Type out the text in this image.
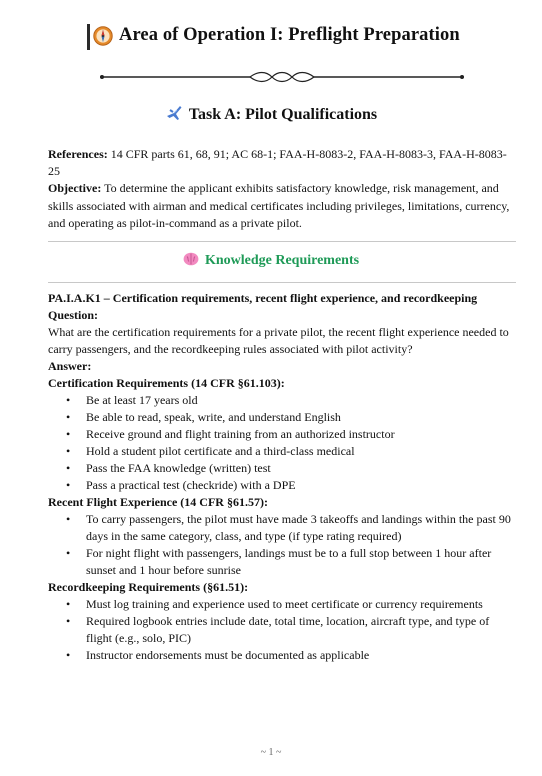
Area of Operation I: Preflight Preparation
Task A: Pilot Qualifications
References: 14 CFR parts 61, 68, 91; AC 68-1; FAA-H-8083-2, FAA-H-8083-3, FAA-H-8083-25
Objective: To determine the applicant exhibits satisfactory knowledge, risk management, and skills associated with airman and medical certificates including privileges, limitations, currency, and operating as pilot-in-command as a private pilot.
Knowledge Requirements

PA.I.A.K1 – Certification requirements, recent flight experience, and recordkeeping

Question:

What are the certification requirements for a private pilot, the recent flight experience needed to carry passengers, and the recordkeeping rules associated with pilot activity?

Answer:

Certification Requirements (14 CFR §61.103):

• Be at least 17 years old
• Be able to read, speak, write, and understand English
• Receive ground and flight training from an authorized instructor
• Hold a student pilot certificate and a third-class medical
• Pass the FAA knowledge (written) test
• Pass a practical test (checkride) with a DPE

Recent Flight Experience (14 CFR §61.57):

• To carry passengers, the pilot must have made 3 takeoffs and landings within the past 90 days in the same category, class, and type (if type rating required)
• For night flight with passengers, landings must be to a full stop between 1 hour after sunset and 1 hour before sunrise

Recordkeeping Requirements (§61.51):

• Must log training and experience used to meet certificate or currency requirements
• Required logbook entries include date, total time, location, aircraft type, and type of flight (e.g., solo, PIC)
• Instructor endorsements must be documented as applicable
~ 1 ~
